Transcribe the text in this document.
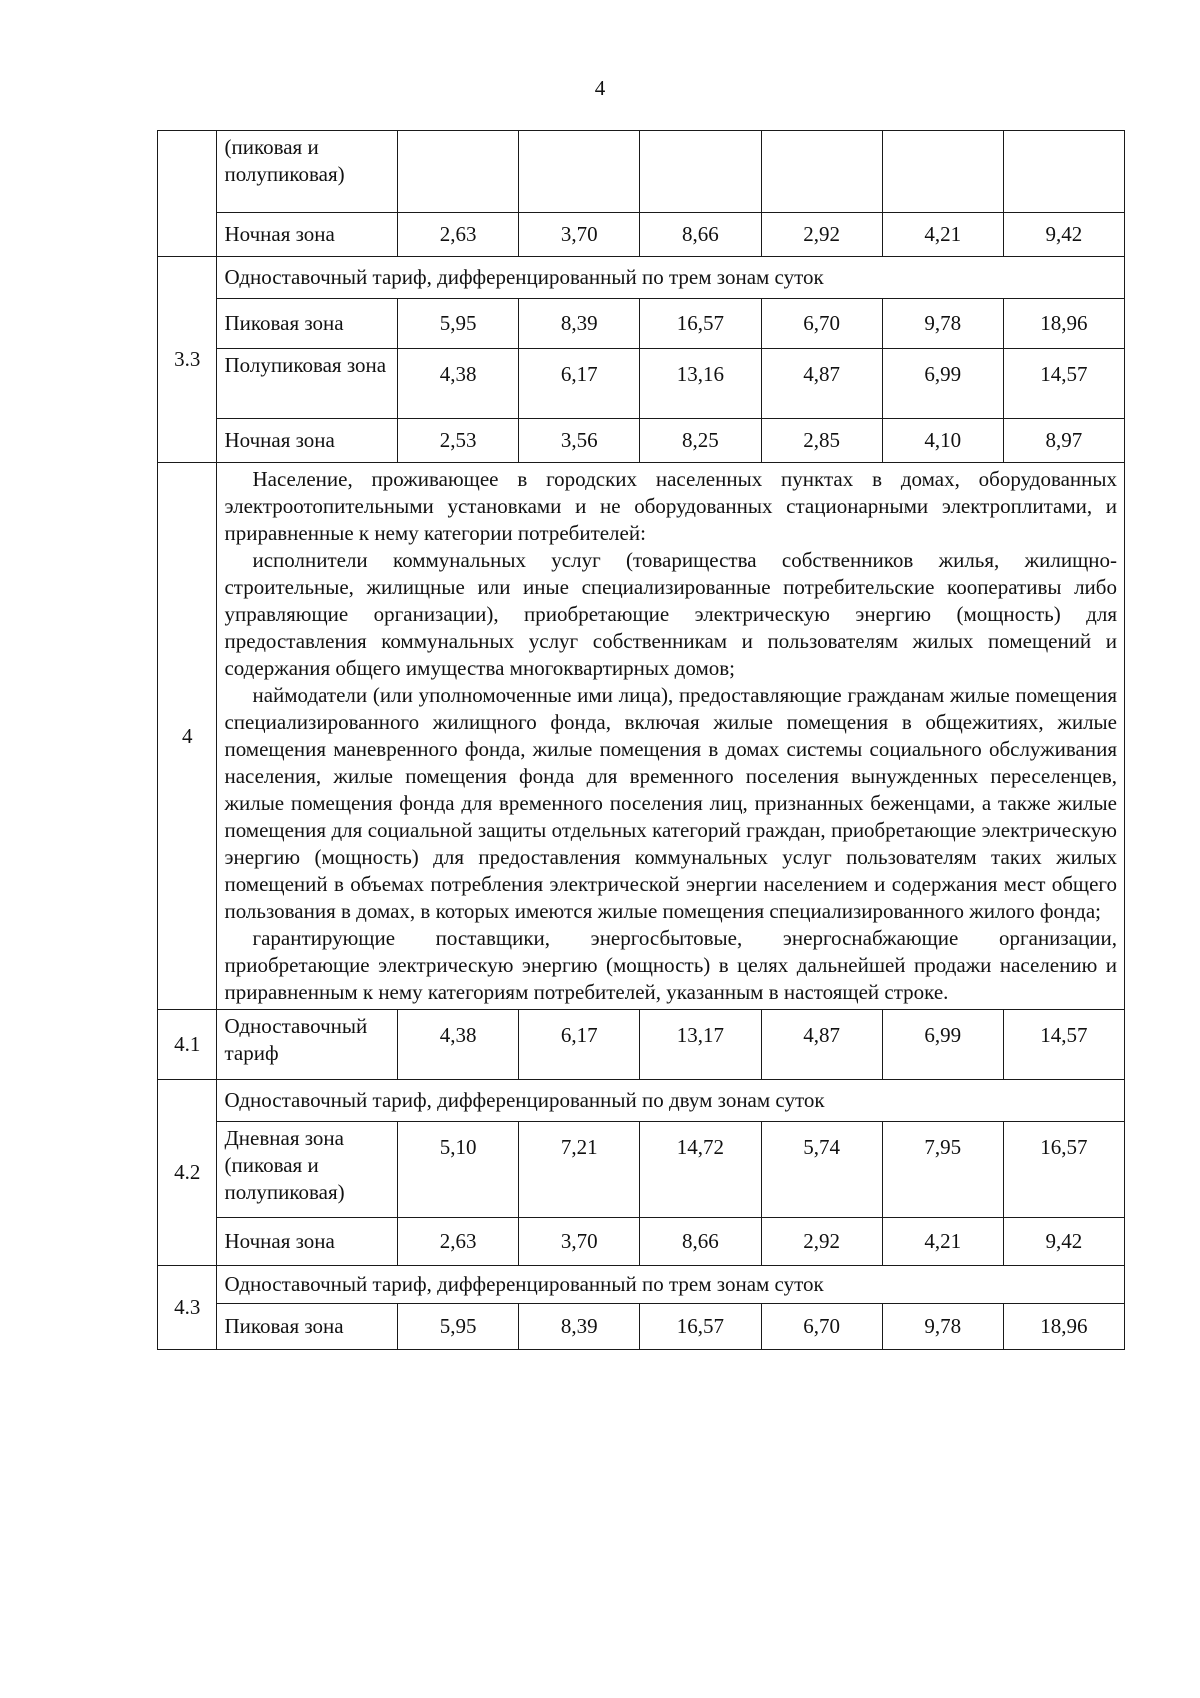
4
	(пиковая и полупиковая)						
	Ночная зона	2,63	3,70	8,66	2,92	4,21	9,42
3.3	Одноставочный тариф, дифференцированный по трем зонам суток						
	Пиковая зона	5,95	8,39	16,57	6,70	9,78	18,96
	Полупиковая зона	4,38	6,17	13,16	4,87	6,99	14,57
	Ночная зона	2,53	3,56	8,25	2,85	4,10	8,97
4	Население, проживающее в городских населенных пунктах в домах, оборудованных электроотопительными установками и не оборудованных стационарными электроплитами, и приравненные к нему категории потребителей:

исполнители коммунальных услуг (товарищества собственников жилья, жилищно-строительные, жилищные или иные специализированные потребительские кооперативы либо управляющие организации), приобретающие электрическую энергию (мощность) для предоставления коммунальных услуг собственникам и пользователям жилых помещений и содержания общего имущества многоквартирных домов;

наймодатели (или уполномоченные ими лица), предоставляющие гражданам жилые помещения специализированного жилищного фонда, включая жилые помещения в общежитиях, жилые помещения маневренного фонда, жилые помещения в домах системы социального обслуживания населения, жилые помещения фонда для временного поселения вынужденных переселенцев, жилые помещения фонда для временного поселения лиц, признанных беженцами, а также жилые помещения для социальной защиты отдельных категорий граждан, приобретающие электрическую энергию (мощность) для предоставления коммунальных услуг пользователям таких жилых помещений в объемах потребления электрической энергии населением и содержания мест общего пользования в домах, в которых имеются жилые помещения специализированного жилого фонда;

гарантирующие поставщики, энергосбытовые, энергоснабжающие организации, приобретающие электрическую энергию (мощность) в целях дальнейшей продажи населению и приравненным к нему категориям потребителей, указанным в настоящей строке.						

4.1	Одноставочный тариф	4,38	6,17	13,17	4,87	6,99	14,57
4.2	Одноставочный тариф, дифференцированный по двум зонам суток						
	Дневная зона (пиковая и полупиковая)	5,10	7,21	14,72	5,74	7,95	16,57
	Ночная зона	2,63	3,70	8,66	2,92	4,21	9,42
4.3	Одноставочный тариф, дифференцированный по трем зонам суток						
	Пиковая зона	5,95	8,39	16,57	6,70	9,78	18,96
